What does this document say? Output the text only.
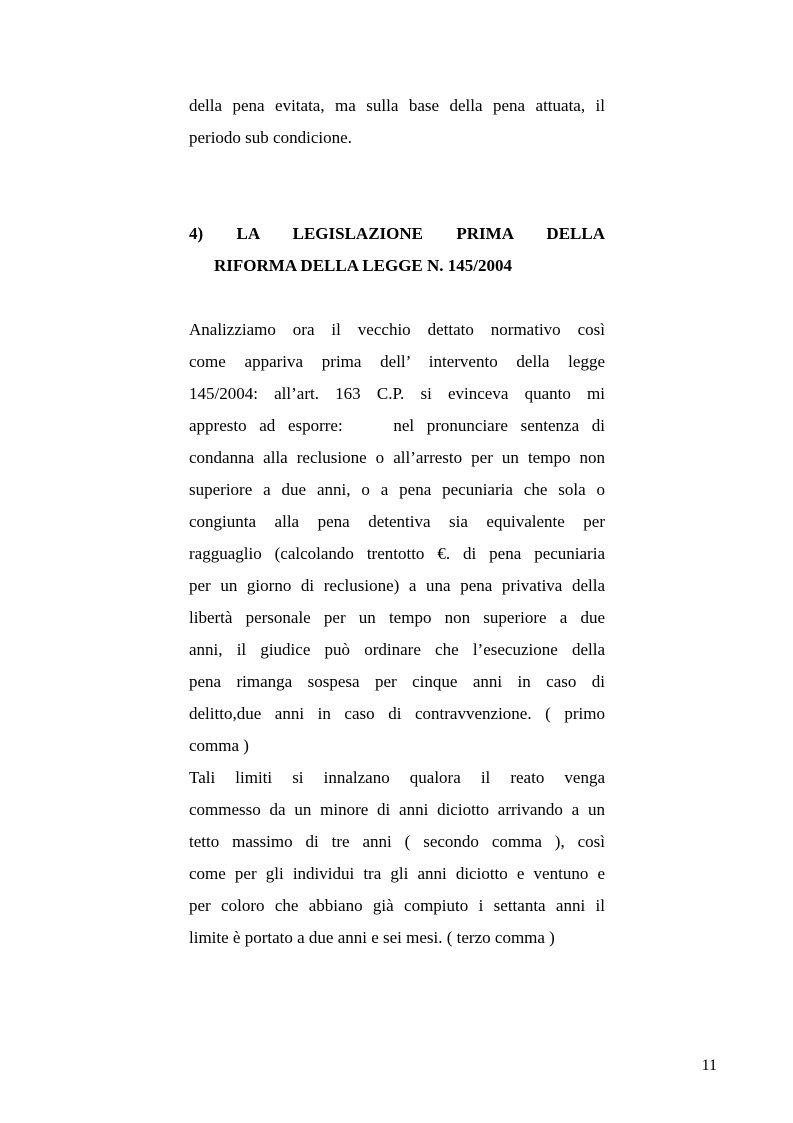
della pena evitata, ma sulla base della pena attuata, il
periodo sub condicione.
4) LA LEGISLAZIONE PRIMA DELLA
RIFORMA DELLA LEGGE N. 145/2004
Analizziamo ora il vecchio dettato normativo così
come appariva prima dell’ intervento della legge
145/2004: all’art. 163 C.P. si evinceva quanto mi
appresto ad esporre:    nel pronunciare sentenza di
condanna alla reclusione o all’arresto per un tempo non
superiore a due anni, o a pena pecuniaria che sola o
congiunta alla pena detentiva sia equivalente per
ragguaglio (calcolando trentotto €. di pena pecuniaria
per un giorno di reclusione) a una pena privativa della
libertà personale per un tempo non superiore a due
anni, il giudice può ordinare che l’esecuzione della
pena rimanga sospesa per cinque anni in caso di
delitto,due anni in caso di contravvenzione. ( primo
comma )
Tali limiti si innalzano qualora il reato venga
commesso da un minore di anni diciotto arrivando a un
tetto massimo di tre anni ( secondo comma ), così
come per gli individui tra gli anni diciotto e ventuno e
per coloro che abbiano già compiuto i settanta anni il
limite è portato a due anni e sei mesi. ( terzo comma )
11
